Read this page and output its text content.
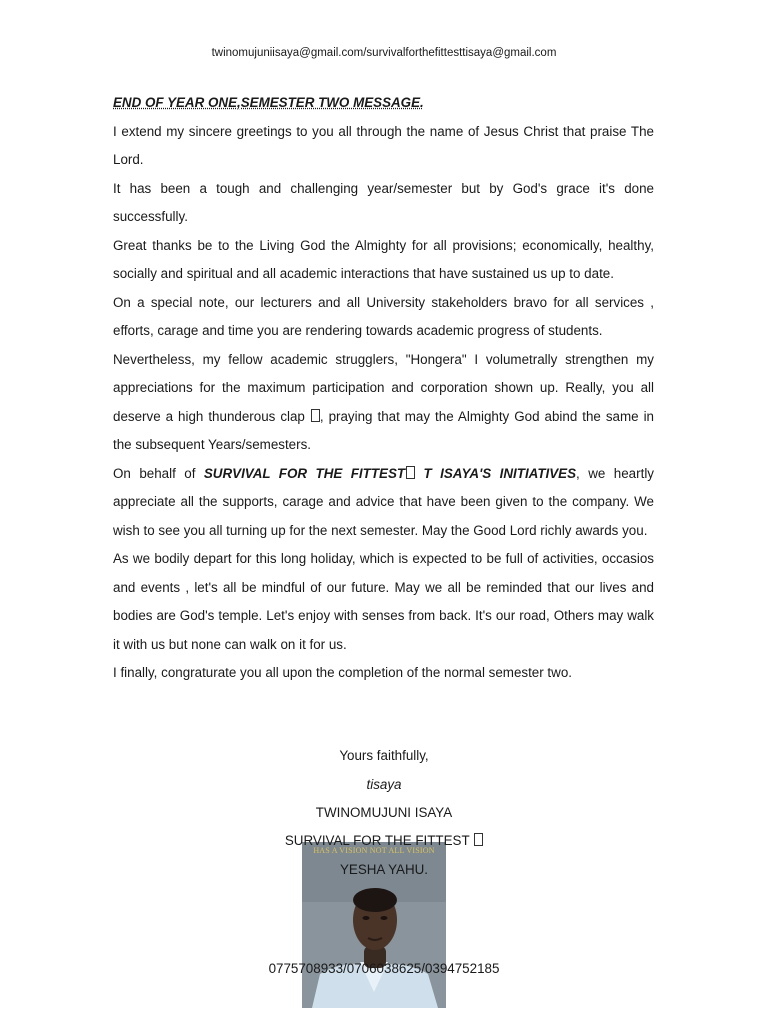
twinomujuniisaya@gmail.com/survivalforthefittesttisaya@gmail.com

END OF YEAR ONE,SEMESTER TWO MESSAGE.

I extend my sincere greetings to you all through the name of Jesus Christ that praise The Lord.

It has been a tough and challenging year/semester but by God's grace it's done successfully.

Great thanks be to the Living God the Almighty for all provisions; economically, healthy, socially and spiritual and all academic interactions that have sustained us up to date.

On a special note, our lecturers and all University stakeholders bravo for all services , efforts, carage and time you are rendering towards academic progress of students.

Nevertheless, my fellow academic strugglers, "Hongera" I volumetrally strengthen my appreciations for the maximum participation and corporation shown up. Really, you all deserve a high thunderous clap , praying that may the Almighty God abind the same in the subsequent Years/semesters.

On behalf of SURVIVAL FOR THE FITTEST T ISAYA'S INITIATIVES, we heartly appreciate all the supports, carage and advice that have been given to the company. We wish to see you all turning up for the next semester. May the Good Lord richly awards you.

As we bodily depart for this long holiday, which is expected to be full of activities, occasios and events , let's all be mindful of our future. May we all be reminded that our lives and bodies are God's temple. Let's enjoy with senses from back. It's our road, Others may walk it with us but none can walk on it for us.

I finally, congraturate you all upon the completion of the normal semester two.

HAS A VISION NOT ALL VISION
Yours faithfully,
tisaya
TWINOMUJUNI ISAYA
SURVIVAL FOR THE FITTEST
YESHA YAHU.
0775708933/0706038625/0394752185
